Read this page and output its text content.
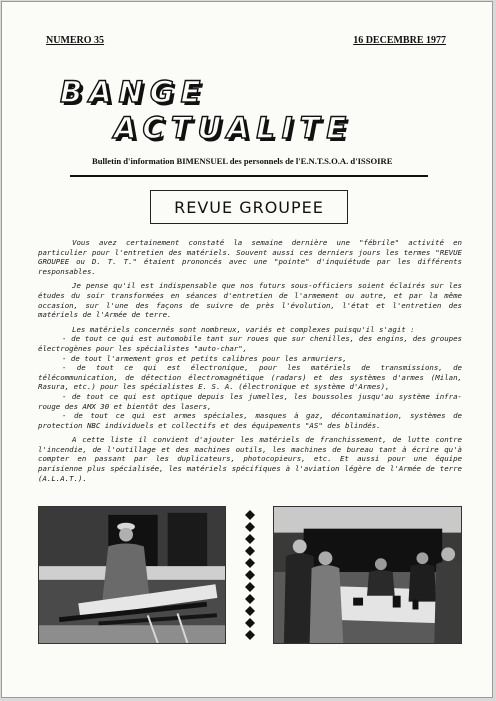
NUMERO 35	16 DECEMBRE 1977
BANGE
ACTUALITE
Bulletin d'information BIMENSUEL des personnels de l'E.N.T.S.O.A. d'ISSOIRE
REVUE GROUPEE

Vous avez certainement constaté la semaine dernière une "fébrile" activité en particulier pour l'entretien des matériels. Souvent aussi ces derniers jours les termes "REVUE GROUPEE ou D. T. T." étaient prononcés avec une "pointe" d'inquiétude par les différents responsables.

Je pense qu'il est indispensable que nos futurs sous-officiers soient éclairés sur les études du soir transformées en séances d'entretien de l'armement ou autre, et par la même occasion, sur l'une des façons de suivre de près l'évolution, l'état et l'entretien des matériels de l'Armée de terre.

Les matériels concernés sont nombreux, variés et complexes puisqu'il s'agit :

- de tout ce qui est automobile tant sur roues que sur chenilles, des engins, des groupes électrogènes pour les spécialistes "auto-char",

- de tout l'armement gros et petits calibres pour les armuriers,

- de tout ce qui est électronique, pour les matériels de transmissions, de télécommunication, de détection électromagnétique (radars) et des systèmes d'armes (Milan, Rasura, etc.) pour les spécialistes E. S. A. (électronique et système d'Armes),

- de tout ce qui est optique depuis les jumelles, les boussoles jusqu'au système infra-rouge des AMX 30 et bientôt des lasers,

- de tout ce qui est armes spéciales, masques à gaz, décontamination, systèmes de protection NBC individuels et collectifs et des équipements "AS" des blindés.

A cette liste il convient d'ajouter les matériels de franchissement, de lutte contre l'incendie, de l'outillage et des machines outils, les machines de bureau tant à écrire qu'à compter en passant par les duplicateurs, photocopieurs, etc. Et aussi pour une équipe parisienne plus spécialisée, les matériels spécifiques à l'aviation légère de l'Armée de terre (A.L.A.T.).
